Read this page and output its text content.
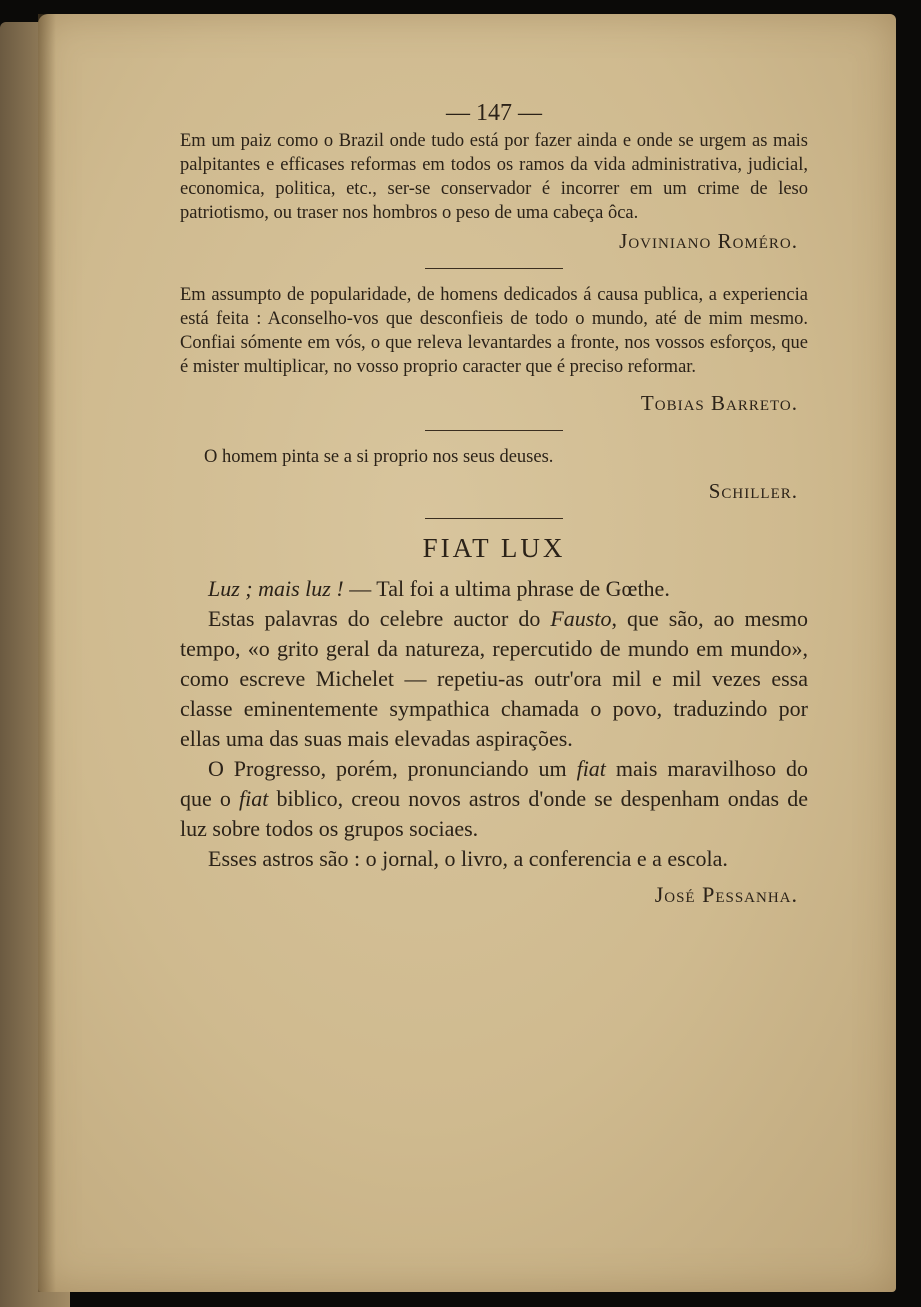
— 147 —

Em um paiz como o Brazil onde tudo está por fazer ainda e onde se urgem as mais palpitantes e efficases reformas em todos os ramos da vida administrativa, judicial, economica, politica, etc., ser-se conservador é incorrer em um crime de leso patriotismo, ou traser nos hombros o peso de uma cabeça ôca.

Joviniano Roméro.

Em assumpto de popularidade, de homens dedicados á causa publica, a experiencia está feita : Aconselho-vos que desconfieis de todo o mundo, até de mim mesmo. Confiai sómente em vós, o que releva levantardes a fronte, nos vossos esforços, que é mister multiplicar, no vosso proprio caracter que é preciso reformar.

Tobias Barreto.

O homem pinta se a si proprio nos seus deuses.

Schiller.
FIAT LUX

Luz ; mais luz ! — Tal foi a ultima phrase de Gœthe.

Estas palavras do celebre auctor do Fausto, que são, ao mesmo tempo, «o grito geral da natureza, repercutido de mundo em mundo», como escreve Michelet — repetiu-as outr'ora mil e mil vezes essa classe eminentemente sympathica chamada o povo, traduzindo por ellas uma das suas mais elevadas aspirações.

O Progresso, porém, pronunciando um fiat mais maravilhoso do que o fiat biblico, creou novos astros d'onde se despenham ondas de luz sobre todos os grupos sociaes.

Esses astros são : o jornal, o livro, a conferencia e a escola.

José Pessanha.
